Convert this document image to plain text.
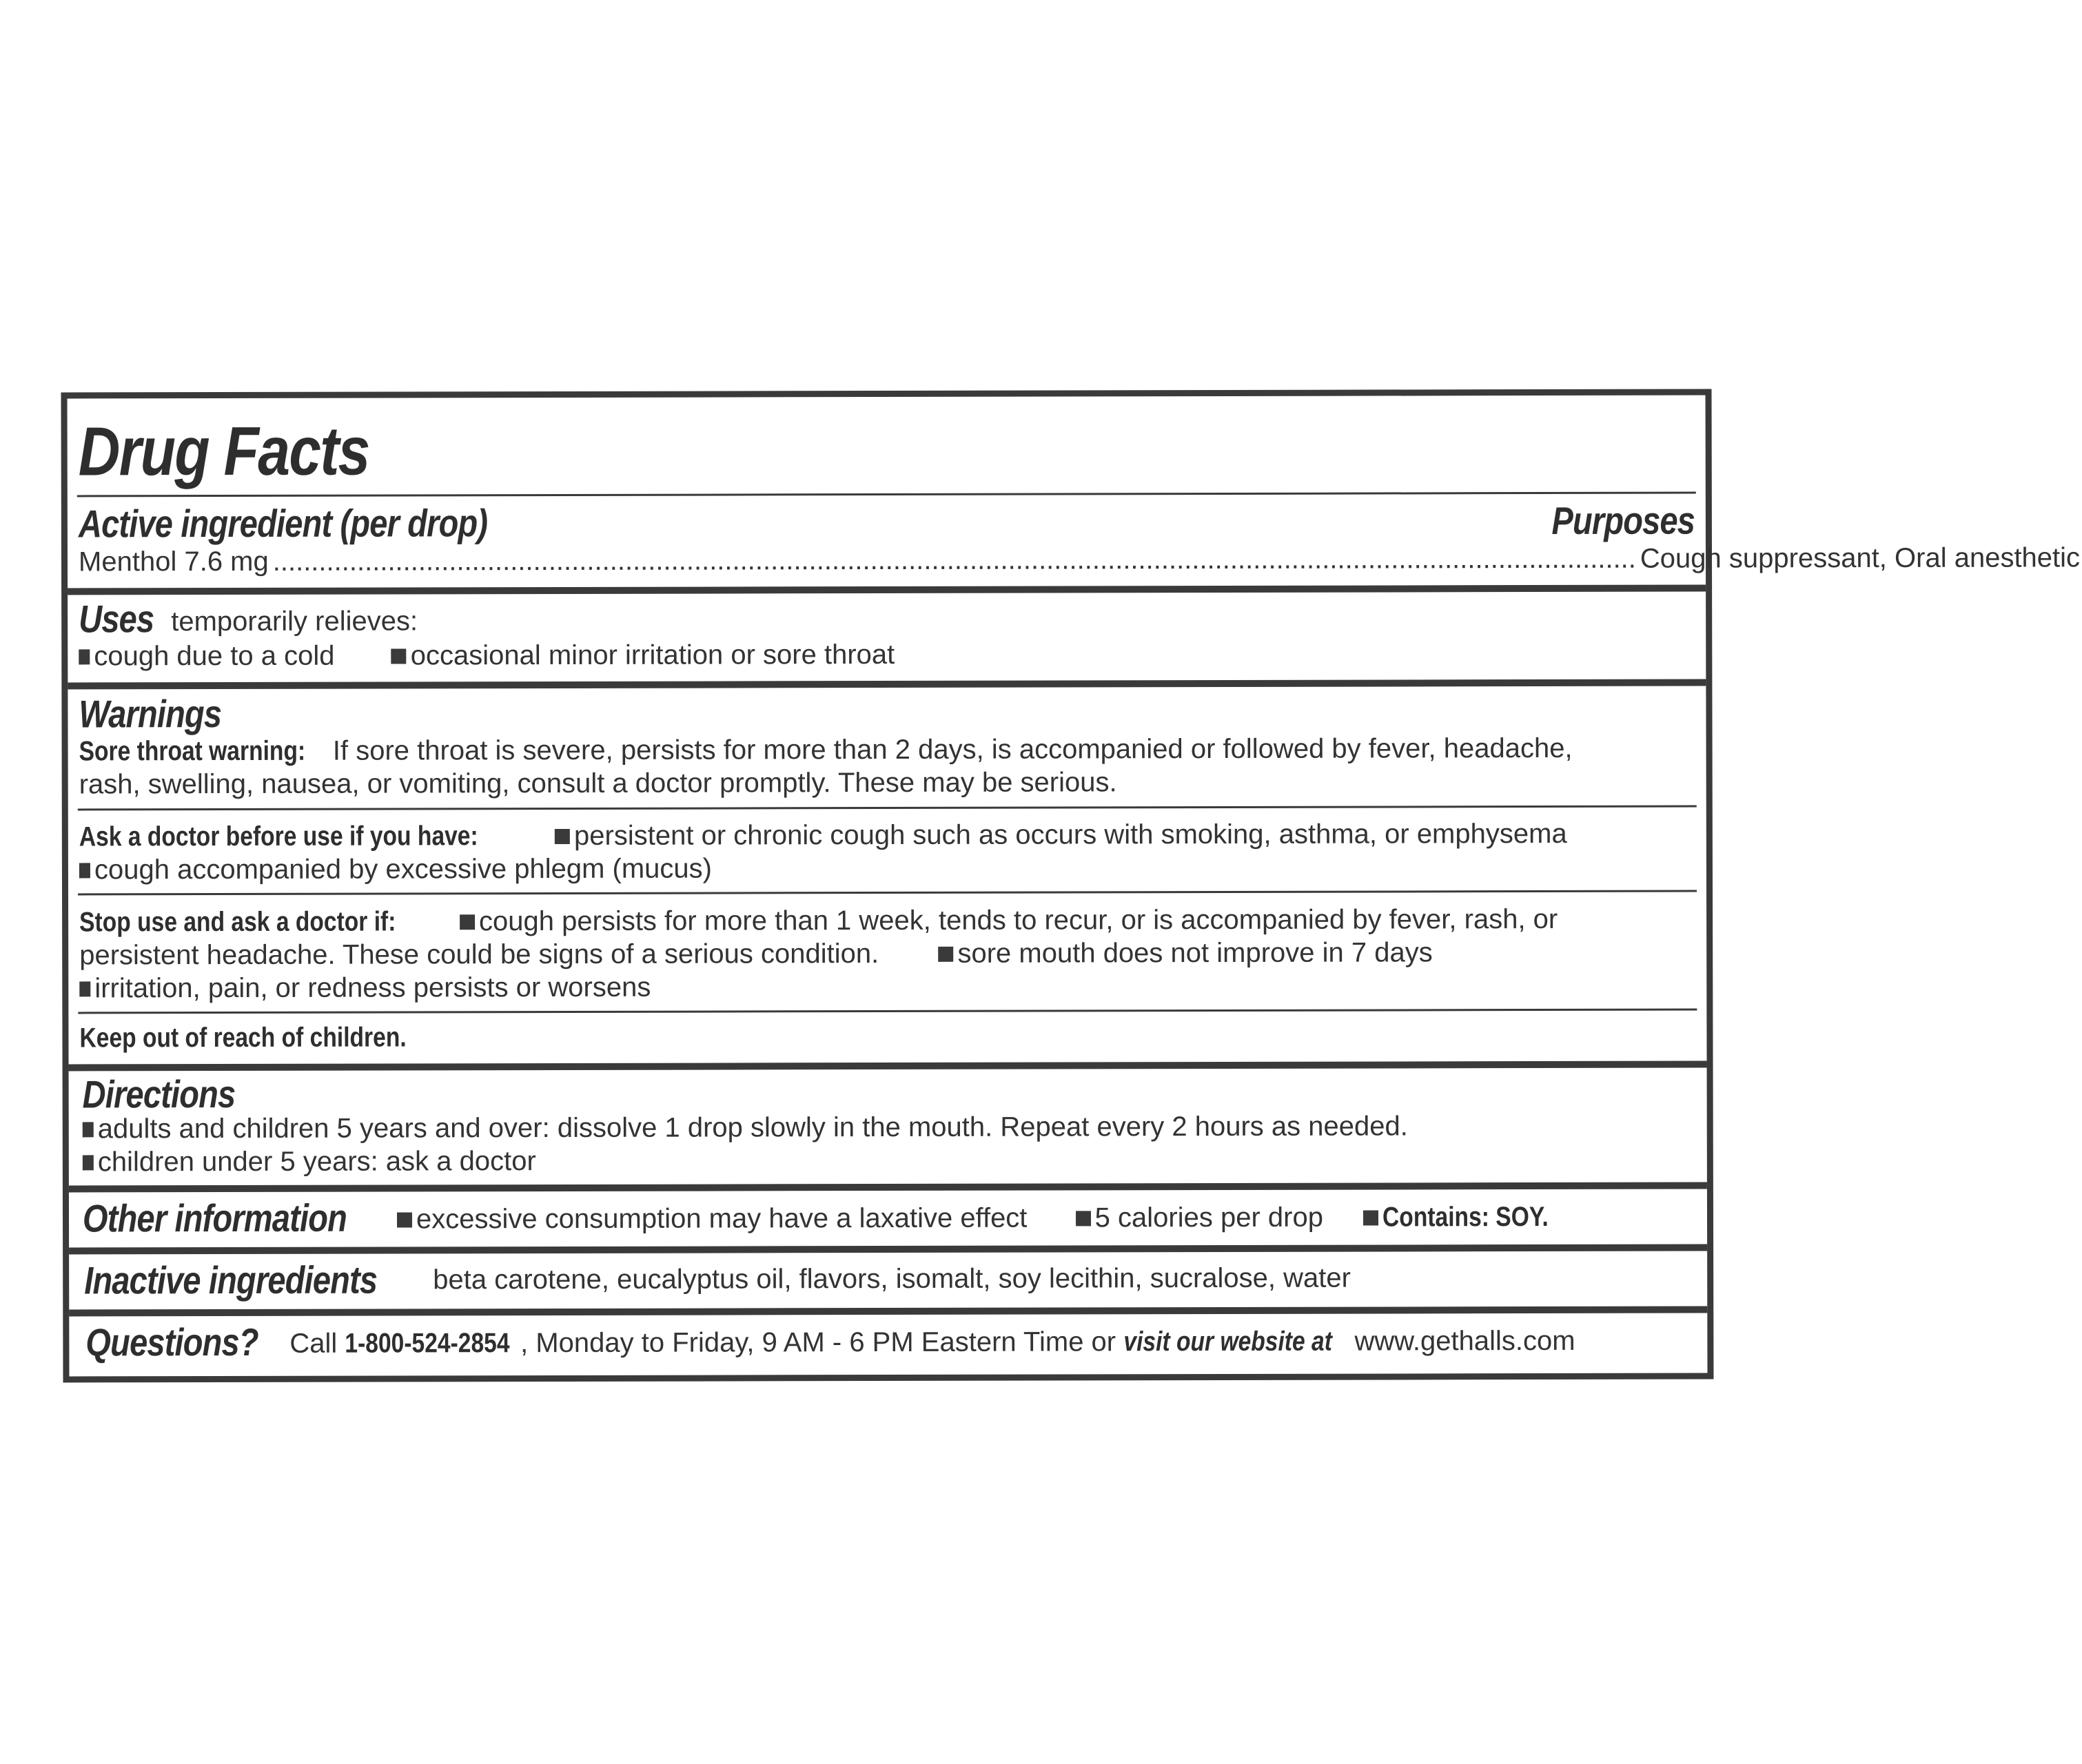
Drug Facts
Active ingredient (per drop)	Purposes
Menthol 7.6 mg .................................................................................................................................................................................. Cough suppressant, Oral anesthetic
Uses temporarily relieves:
cough due to a cold	occasional minor irritation or sore throat
Warnings
Sore throat warning: If sore throat is severe, persists for more than 2 days, is accompanied or followed by fever, headache,
rash, swelling, nausea, or vomiting, consult a doctor promptly. These may be serious.
Ask a doctor before use if you have:	persistent or chronic cough such as occurs with smoking, asthma, or emphysema
cough accompanied by excessive phlegm (mucus)
Stop use and ask a doctor if:	cough persists for more than 1 week, tends to recur, or is accompanied by fever, rash, or
persistent headache. These could be signs of a serious condition.	sore mouth does not improve in 7 days
irritation, pain, or redness persists or worsens
Keep out of reach of children.
Directions
adults and children 5 years and over: dissolve 1 drop slowly in the mouth. Repeat every 2 hours as needed.
children under 5 years: ask a doctor
Other information	excessive consumption may have a laxative effect 5 calories per drop Contains: SOY.
Inactive ingredients	beta carotene, eucalyptus oil, flavors, isomalt, soy lecithin, sucralose, water
Questions?	Call 1-800-524-2854 , Monday to Friday, 9 AM - 6 PM Eastern Time or visit our website at www.gethalls.com
